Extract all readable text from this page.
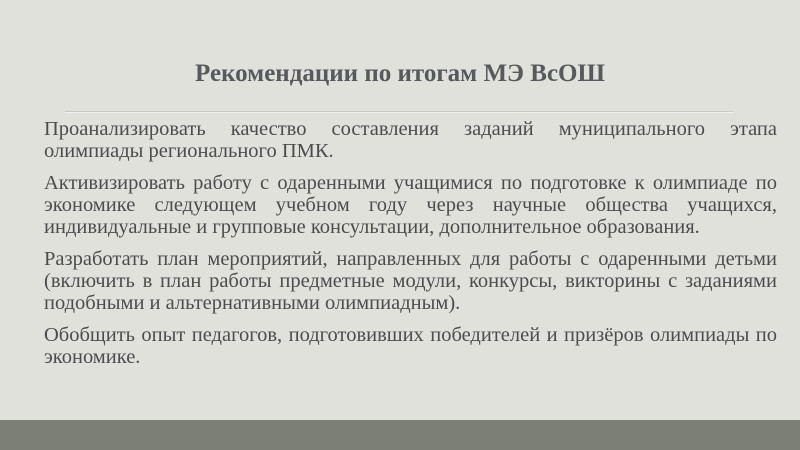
Рекомендации по итогам МЭ ВсОШ

Проанализировать качество составления заданий муниципального этапа олимпиады регионального ПМК.

Активизировать работу с одаренными учащимися по подготовке к олимпиаде по экономике следующем учебном году через научные общества учащихся, индивидуальные и групповые консультации, дополнительное образования.

Разработать план мероприятий, направленных для работы с одаренными детьми (включить в план работы предметные модули, конкурсы, викторины с заданиями подобными и альтернативными олимпиадным).

Обобщить опыт педагогов, подготовивших победителей и призёров олимпиады по экономике.
